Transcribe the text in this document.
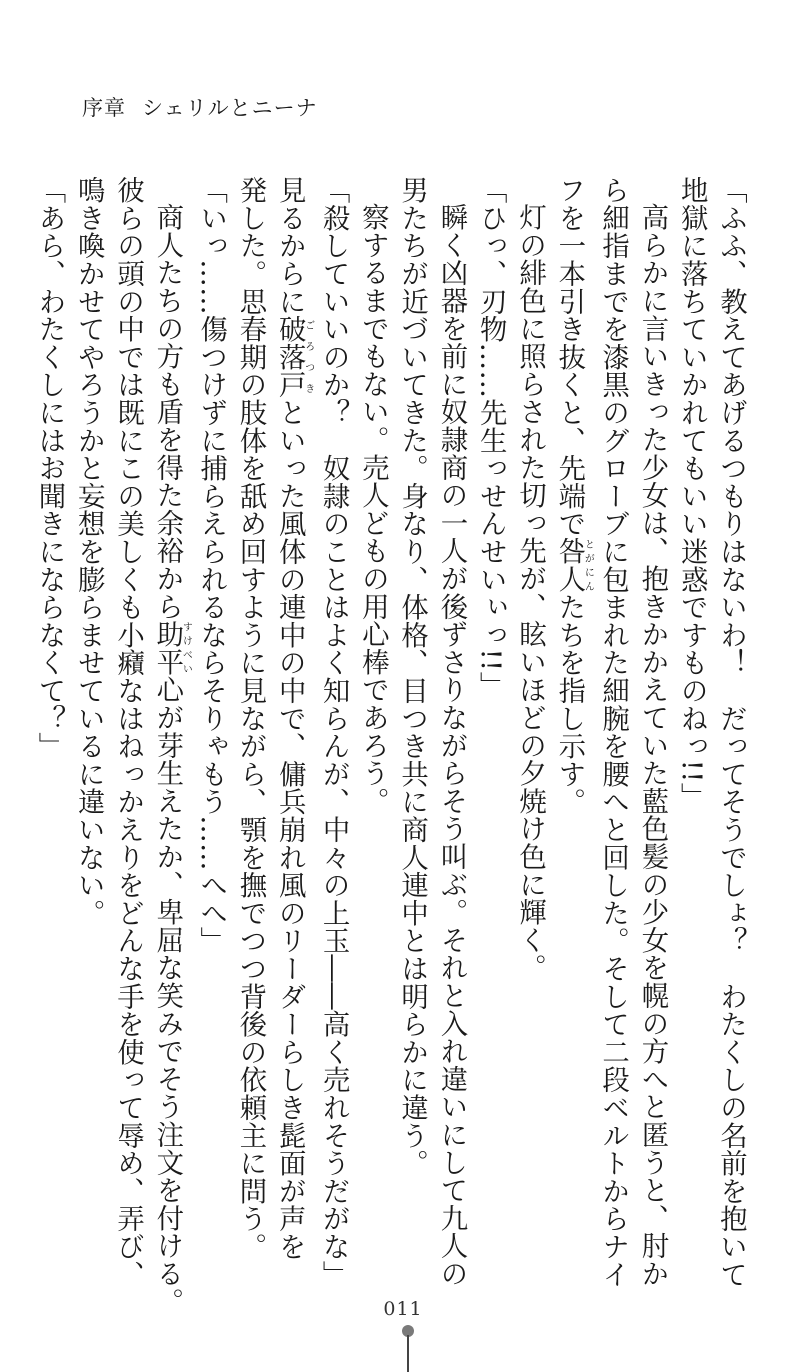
序章 シェリルとニーナ
「ふふ、教えてあげるつもりはないわ！　だってそうでしょ？　わたくしの名前を抱いて
地獄に落ちていかれてもいい迷惑ですものねっ!!」
高らかに言いきった少女は、抱きかかえていた藍色髪の少女を幌の方へと匿うと、肘か
ら細指までを漆黒のグローブに包まれた細腕を腰へと回した。そして二段ベルトからナイ
フを一本引き抜くと、先端で咎人とがにんたちを指し示す。
灯の緋色に照らされた切っ先が、眩いほどの夕焼け色に輝く。
「ひっ、刃物……先生っせんせいぃっ!!」
瞬く凶器を前に奴隷商の一人が後ずさりながらそう叫ぶ。それと入れ違いにして九人の
男たちが近づいてきた。身なり、体格、目つき共に商人連中とは明らかに違う。
察するまでもない。売人どもの用心棒であろう。
「殺していいのか？　奴隷のことはよく知らんが、中々の上玉――高く売れそうだがな」
見るからに破落戸ごろつきといった風体の連中の中で、傭兵崩れ風のリーダーらしき髭面が声を
発した。思春期の肢体を舐め回すように見ながら、顎を撫でつつ背後の依頼主に問う。
「いっ……傷つけずに捕らえられるならそりゃもう……へへ」
商人たちの方も盾を得た余裕から助平すけべい心が芽生えたか、卑屈な笑みでそう注文を付ける。
彼らの頭の中では既にこの美しくも小癪なはねっかえりをどんな手を使って辱め、弄び、
鳴き喚かせてやろうかと妄想を膨らませているに違いない。
「あら、わたくしにはお聞きにならなくて？」
011
